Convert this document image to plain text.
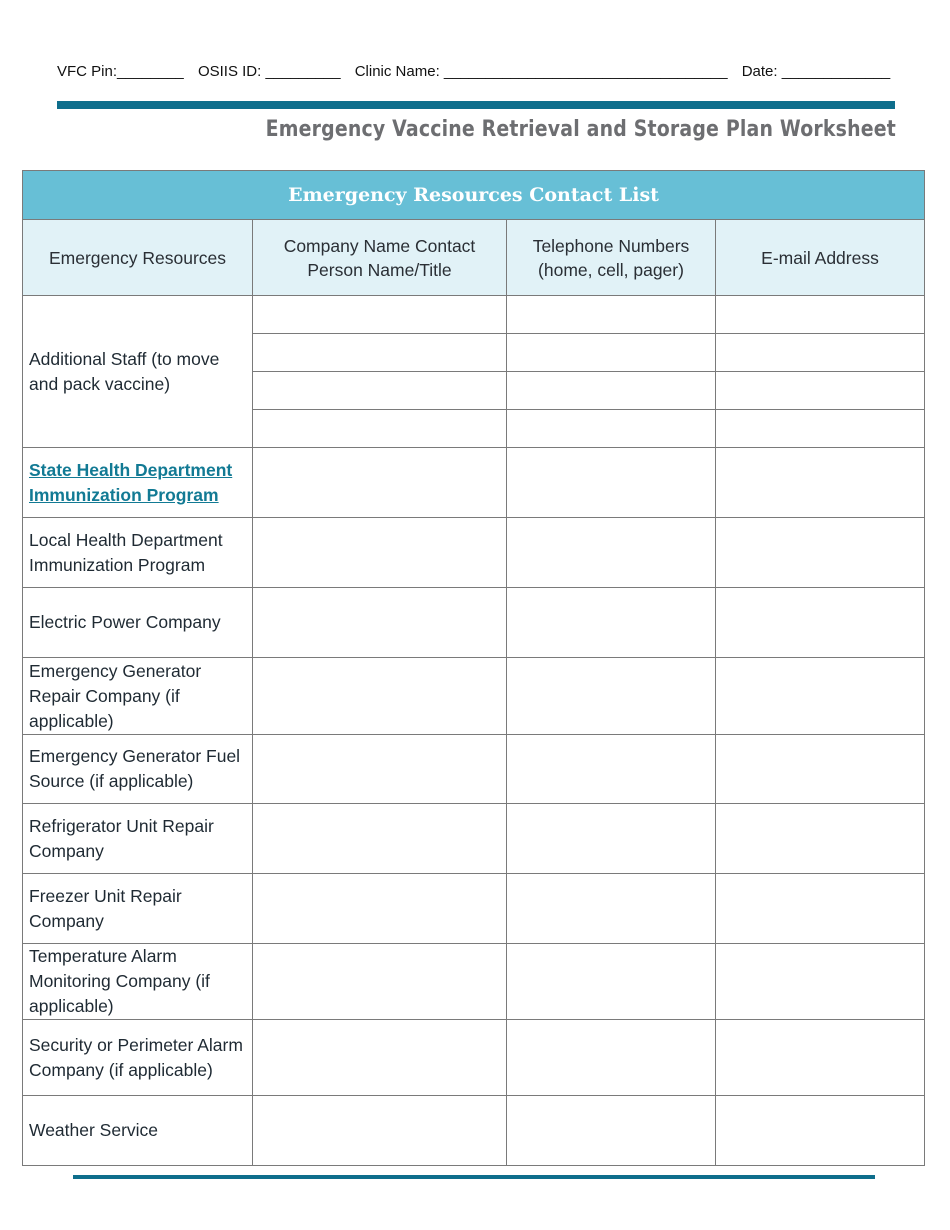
VFC Pin:________ OSIIS ID: _________ Clinic Name: __________________________________ Date: _____________
Emergency Vaccine Retrieval and Storage Plan Worksheet
Emergency Resources Contact List			
Emergency Resources	Company Name Contact Person Name/Title	Telephone Numbers (home, cell, pager)	E-mail Address
Additional Staff (to move and pack vaccine)			

State Health Department Immunization Program			
Local Health Department Immunization Program			
Electric Power Company			
Emergency Generator Repair Company (if applicable)			
Emergency Generator Fuel Source (if applicable)			
Refrigerator Unit Repair Company			
Freezer Unit Repair Company			
Temperature Alarm Monitoring Company (if applicable)			
Security or Perimeter Alarm Company (if applicable)			
Weather Service			
